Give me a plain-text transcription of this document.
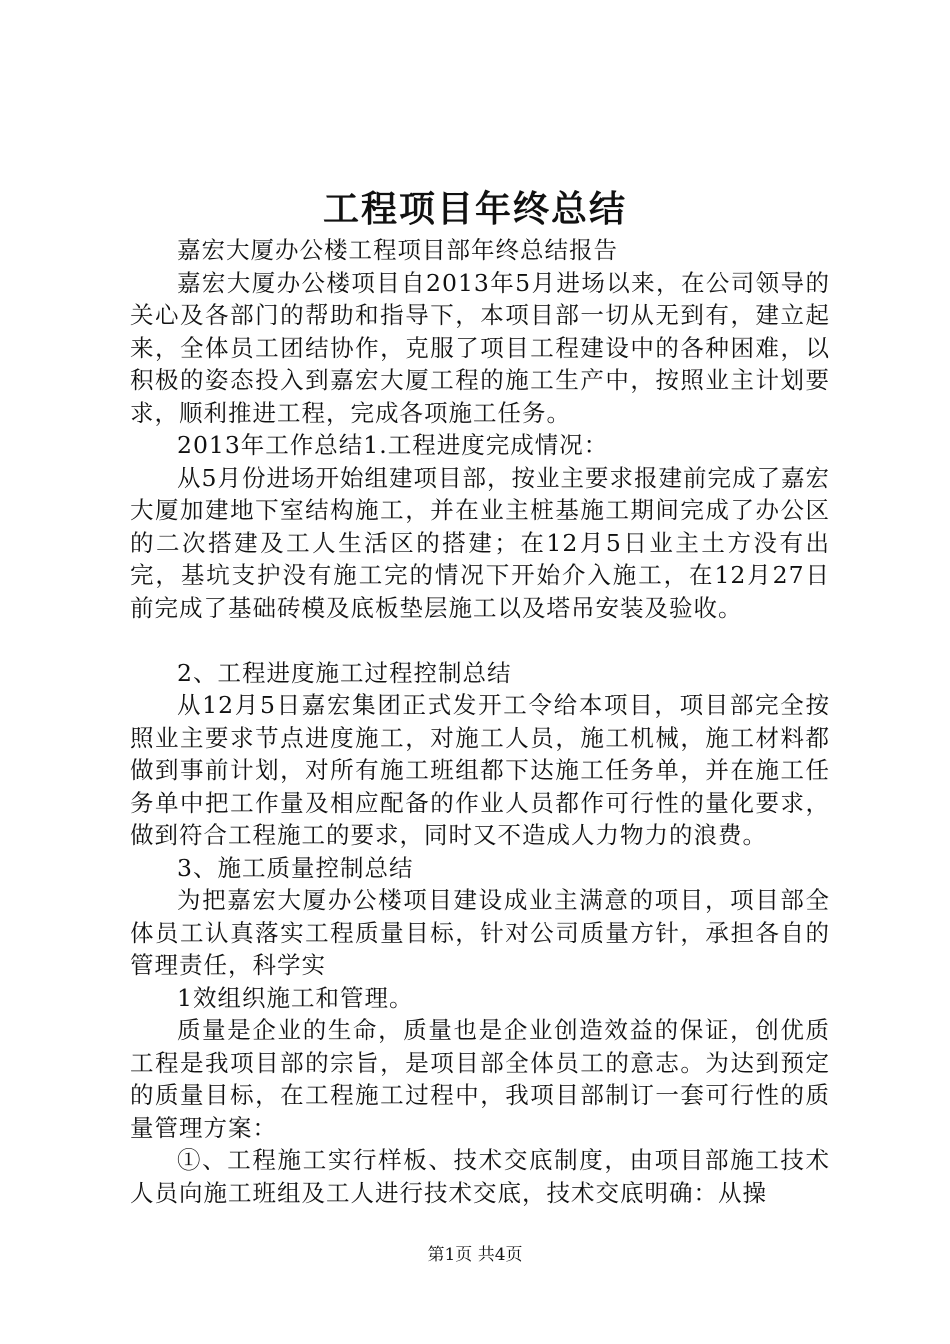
工程项目年终总结

嘉宏大厦办公楼工程项目部年终总结报告

嘉宏大厦办公楼项目自2013年5月进场以来，在公司领导的关心及各部门的帮助和指导下，本项目部一切从无到有，建立起来，全体员工团结协作，克服了项目工程建设中的各种困难，以积极的姿态投入到嘉宏大厦工程的施工生产中，按照业主计划要求，顺利推进工程，完成各项施工任务。

2013年工作总结1.工程进度完成情况：

从5月份进场开始组建项目部，按业主要求报建前完成了嘉宏大厦加建地下室结构施工，并在业主桩基施工期间完成了办公区的二次搭建及工人生活区的搭建；在12月5日业主土方没有出完，基坑支护没有施工完的情况下开始介入施工，在12月27日前完成了基础砖模及底板垫层施工以及塔吊安装及验收。

2、工程进度施工过程控制总结

从12月5日嘉宏集团正式发开工令给本项目，项目部完全按照业主要求节点进度施工，对施工人员，施工机械，施工材料都做到事前计划，对所有施工班组都下达施工任务单，并在施工任务单中把工作量及相应配备的作业人员都作可行性的量化要求，做到符合工程施工的要求，同时又不造成人力物力的浪费。

3、施工质量控制总结

为把嘉宏大厦办公楼项目建设成业主满意的项目，项目部全体员工认真落实工程质量目标，针对公司质量方针，承担各自的管理责任，科学实

1效组织施工和管理。

质量是企业的生命，质量也是企业创造效益的保证，创优质工程是我项目部的宗旨，是项目部全体员工的意志。为达到预定的质量目标，在工程施工过程中，我项目部制订一套可行性的质量管理方案：

①、工程施工实行样板、技术交底制度，由项目部施工技术人员向施工班组及工人进行技术交底，技术交底明确：从操

第1页 共4页
